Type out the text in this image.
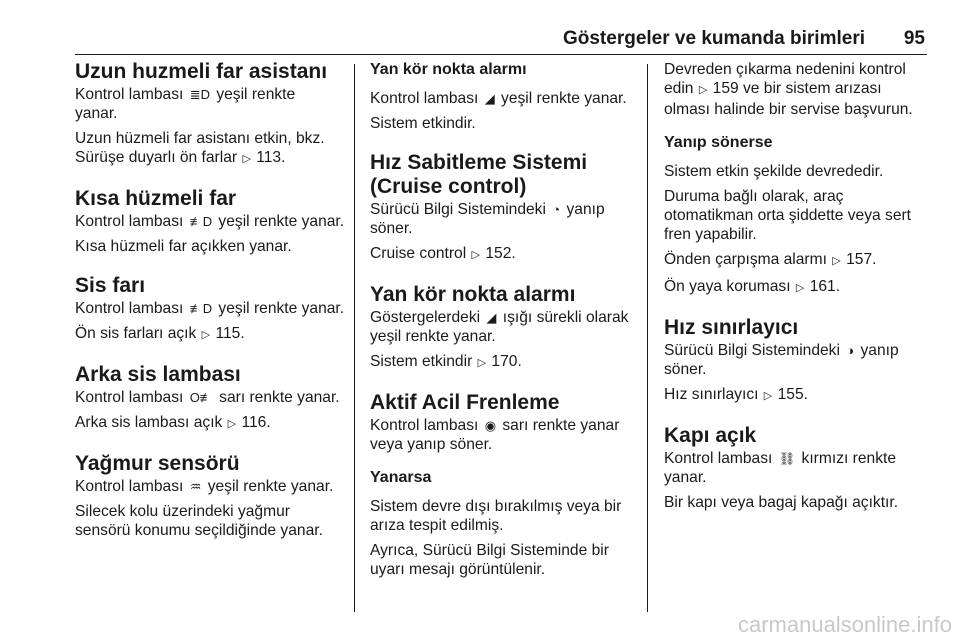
Göstergeler ve kumanda birimleri 95
Uzun huzmeli far asistanı

Kontrol lambası ≣D yeşil renkte
yanar.

Uzun hüzmeli far asistanı etkin, bkz.
Sürüşe duyarlı ön farlar ▷ 113.

Kısa hüzmeli far

Kontrol lambası ≢D yeşil renkte yanar.

Kısa hüzmeli far açıkken yanar.

Sis farı

Kontrol lambası ≢D yeşil renkte yanar.

Ön sis farları açık ▷ 115.

Arka sis lambası

Kontrol lambası O≢ sarı renkte yanar.

Arka sis lambası açık ▷ 116.

Yağmur sensörü

Kontrol lambası ♒ yeşil renkte yanar.

Silecek kolu üzerindeki yağmur
sensörü konumu seçildiğinde yanar.

Yan kör nokta alarmı

Kontrol lambası ◢ yeşil renkte yanar.

Sistem etkindir.

Hız Sabitleme Sistemi
(Cruise control)

Sürücü Bilgi Sistemindeki ◔ yanıp
söner.

Cruise control ▷ 152.

Yan kör nokta alarmı

Göstergelerdeki ◢ ışığı sürekli olarak
yeşil renkte yanar.

Sistem etkindir ▷ 170.

Aktif Acil Frenleme

Kontrol lambası ◉ sarı renkte yanar
veya yanıp söner.

Yanarsa

Sistem devre dışı bırakılmış veya bir
arıza tespit edilmiş.

Ayrıca, Sürücü Bilgi Sisteminde bir
uyarı mesajı görüntülenir.

Devreden çıkarma nedenini kontrol
edin ▷ 159 ve bir sistem arızası
olması halinde bir servise başvurun.

Yanıp sönerse

Sistem etkin şekilde devrededir.

Duruma bağlı olarak, araç
otomatikman orta şiddette veya sert
fren yapabilir.

Önden çarpışma alarmı ▷ 157.

Ön yaya koruması ▷ 161.

Hız sınırlayıcı

Sürücü Bilgi Sistemindeki ◑ yanıp
söner.

Hız sınırlayıcı ▷ 155.

Kapı açık

Kontrol lambası ⛓ kırmızı renkte
yanar.

Bir kapı veya bagaj kapağı açıktır.

carmanualsonline.info
